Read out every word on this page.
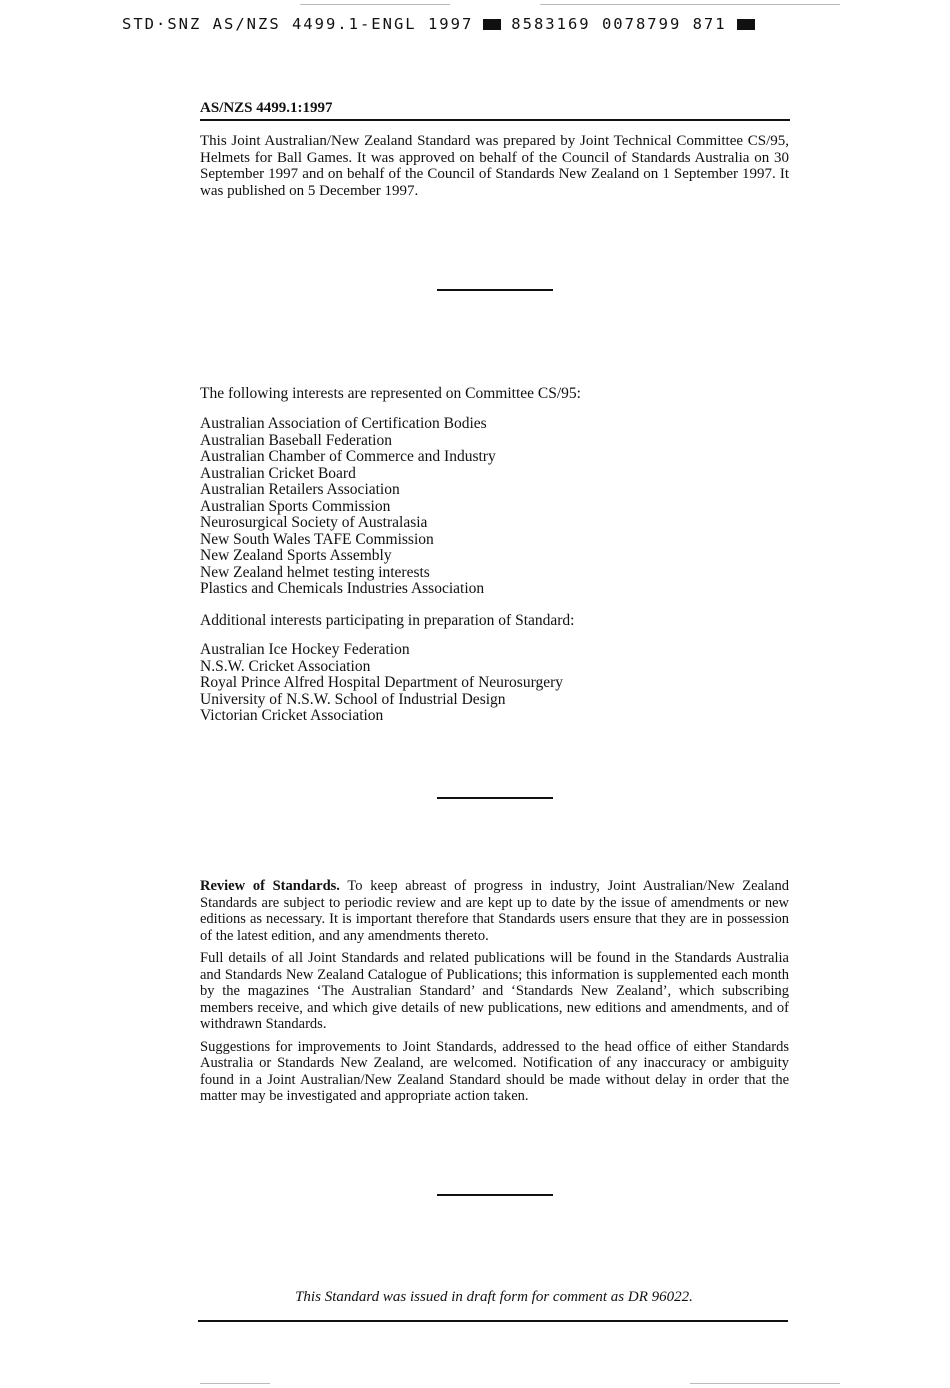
STD·SNZ AS/NZS 4499.1-ENGL 1997 8583169 0078799 871
AS/NZS 4499.1:1997

This Joint Australian/New Zealand Standard was prepared by Joint Technical Committee CS/95, Helmets for Ball Games. It was approved on behalf of the Council of Standards Australia on 30 September 1997 and on behalf of the Council of Standards New Zealand on 1 September 1997. It was published on 5 December 1997.

The following interests are represented on Committee CS/95:
Australian Association of Certification Bodies
Australian Baseball Federation
Australian Chamber of Commerce and Industry
Australian Cricket Board
Australian Retailers Association
Australian Sports Commission
Neurosurgical Society of Australasia
New South Wales TAFE Commission
New Zealand Sports Assembly
New Zealand helmet testing interests
Plastics and Chemicals Industries Association
Additional interests participating in preparation of Standard:
Australian Ice Hockey Federation
N.S.W. Cricket Association
Royal Prince Alfred Hospital Department of Neurosurgery
University of N.S.W. School of Industrial Design
Victorian Cricket Association

Review of Standards. To keep abreast of progress in industry, Joint Australian/New Zealand Standards are subject to periodic review and are kept up to date by the issue of amendments or new editions as necessary. It is important therefore that Standards users ensure that they are in possession of the latest edition, and any amendments thereto.

Full details of all Joint Standards and related publications will be found in the Standards Australia and Standards New Zealand Catalogue of Publications; this information is supplemented each month by the magazines ‘The Australian Standard’ and ‘Standards New Zealand’, which subscribing members receive, and which give details of new publications, new editions and amendments, and of withdrawn Standards.

Suggestions for improvements to Joint Standards, addressed to the head office of either Standards Australia or Standards New Zealand, are welcomed. Notification of any inaccuracy or ambiguity found in a Joint Australian/New Zealand Standard should be made without delay in order that the matter may be investigated and appropriate action taken.

This Standard was issued in draft form for comment as DR 96022.
